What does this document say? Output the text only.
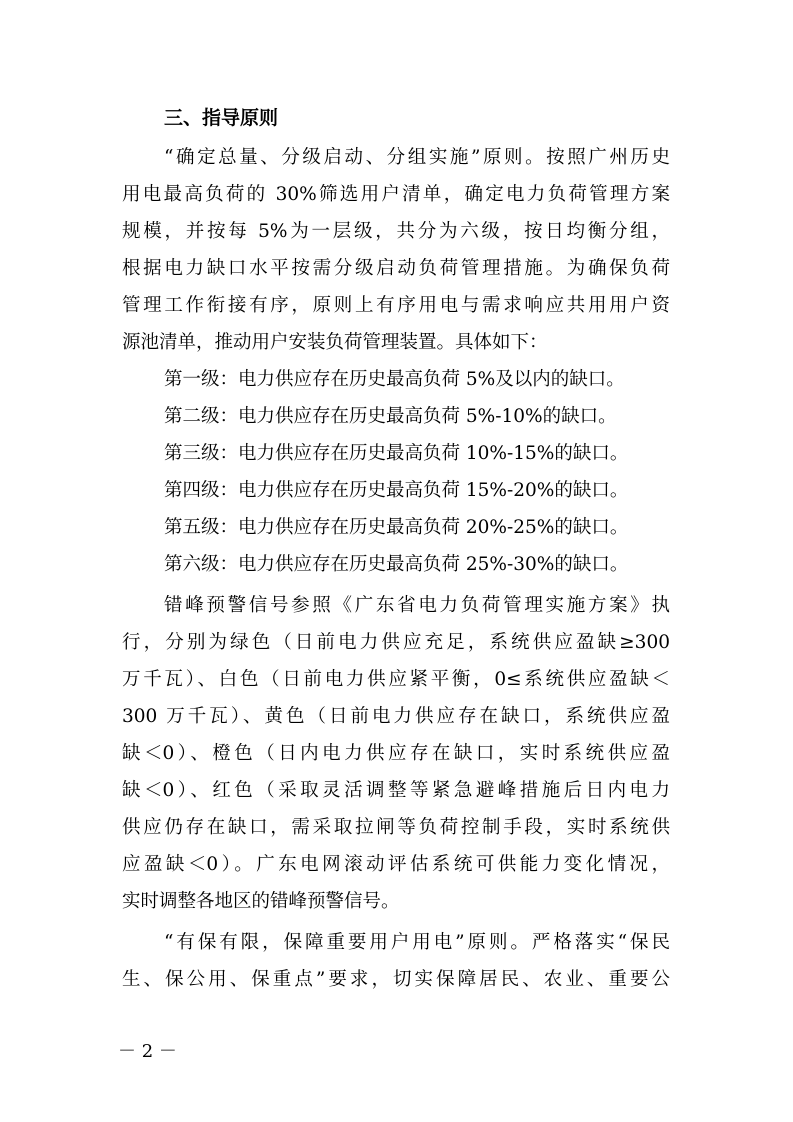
三、指导原则
“确定总量、分级启动、分组实施”原则。按照广州历史
用电最高负荷的 30%筛选用户清单，确定电力负荷管理方案
规模，并按每 5%为一层级，共分为六级，按日均衡分组，
根据电力缺口水平按需分级启动负荷管理措施。为确保负荷
管理工作衔接有序，原则上有序用电与需求响应共用用户资
源池清单，推动用户安装负荷管理装置。具体如下：
第一级：电力供应存在历史最高负荷 5%及以内的缺口。
第二级：电力供应存在历史最高负荷 5%-10%的缺口。
第三级：电力供应存在历史最高负荷 10%-15%的缺口。
第四级：电力供应存在历史最高负荷 15%-20%的缺口。
第五级：电力供应存在历史最高负荷 20%-25%的缺口。
第六级：电力供应存在历史最高负荷 25%-30%的缺口。
错峰预警信号参照《广东省电力负荷管理实施方案》执
行，分别为绿色（日前电力供应充足，系统供应盈缺≥300
万千瓦）、白色（日前电力供应紧平衡，0≤系统供应盈缺＜
300 万千瓦）、黄色（日前电力供应存在缺口，系统供应盈
缺＜0）、橙色（日内电力供应存在缺口，实时系统供应盈
缺＜0）、红色（采取灵活调整等紧急避峰措施后日内电力
供应仍存在缺口，需采取拉闸等负荷控制手段，实时系统供
应盈缺＜0）。广东电网滚动评估系统可供能力变化情况，
实时调整各地区的错峰预警信号。
“有保有限，保障重要用户用电”原则。严格落实“保民
生、保公用、保重点”要求，切实保障居民、农业、重要公
－ 2 －
